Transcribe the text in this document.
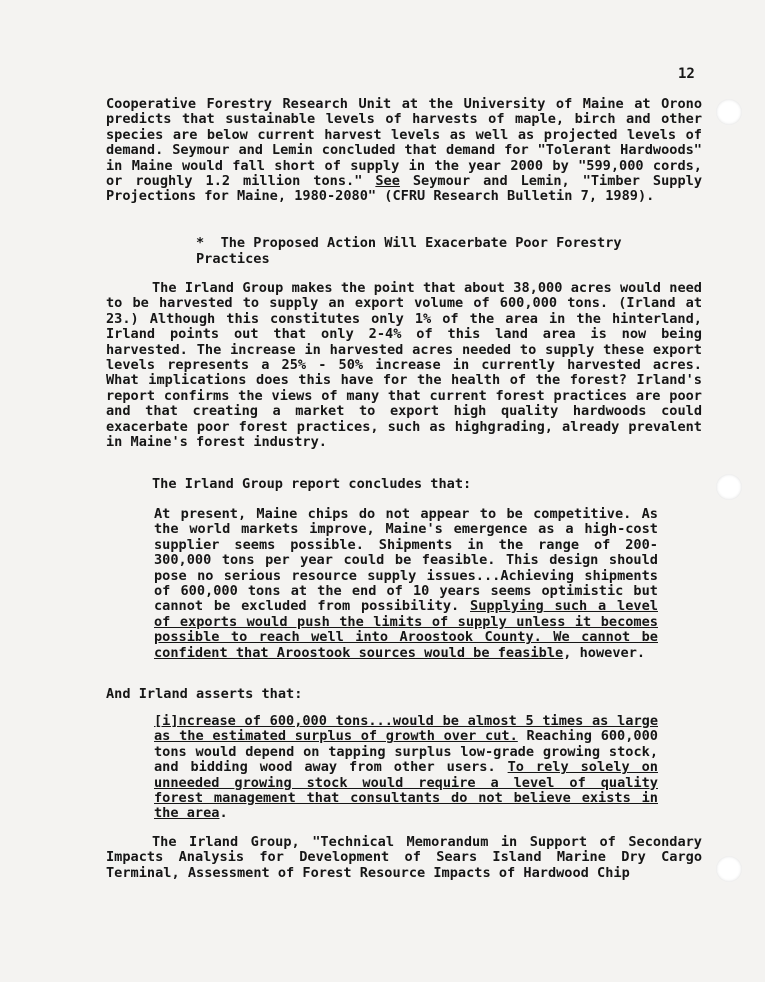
12
Cooperative Forestry Research Unit at the University of Maine at Orono predicts that sustainable levels of harvests of maple, birch and other species are below current harvest levels as well as projected levels of demand. Seymour and Lemin concluded that demand for "Tolerant Hardwoods" in Maine would fall short of supply in the year 2000 by "599,000 cords, or roughly 1.2 million tons." See Seymour and Lemin, "Timber Supply Projections for Maine, 1980-2080" (CFRU Research Bulletin 7, 1989).
* The Proposed Action Will Exacerbate Poor Forestry Practices
The Irland Group makes the point that about 38,000 acres would need to be harvested to supply an export volume of 600,000 tons. (Irland at 23.) Although this constitutes only 1% of the area in the hinterland, Irland points out that only 2-4% of this land area is now being harvested. The increase in harvested acres needed to supply these export levels represents a 25% - 50% increase in currently harvested acres. What implications does this have for the health of the forest? Irland's report confirms the views of many that current forest practices are poor and that creating a market to export high quality hardwoods could exacerbate poor forest practices, such as highgrading, already prevalent in Maine's forest industry.
The Irland Group report concludes that:
At present, Maine chips do not appear to be competitive. As the world markets improve, Maine's emergence as a high-cost supplier seems possible. Shipments in the range of 200-300,000 tons per year could be feasible. This design should pose no serious resource supply issues...Achieving shipments of 600,000 tons at the end of 10 years seems optimistic but cannot be excluded from possibility. Supplying such a level of exports would push the limits of supply unless it becomes possible to reach well into Aroostook County. We cannot be confident that Aroostook sources would be feasible, however.
And Irland asserts that:
[i]ncrease of 600,000 tons...would be almost 5 times as large as the estimated surplus of growth over cut. Reaching 600,000 tons would depend on tapping surplus low-grade growing stock, and bidding wood away from other users. To rely solely on unneeded growing stock would require a level of quality forest management that consultants do not believe exists in the area.
The Irland Group, "Technical Memorandum in Support of Secondary Impacts Analysis for Development of Sears Island Marine Dry Cargo Terminal, Assessment of Forest Resource Impacts of Hardwood Chip
